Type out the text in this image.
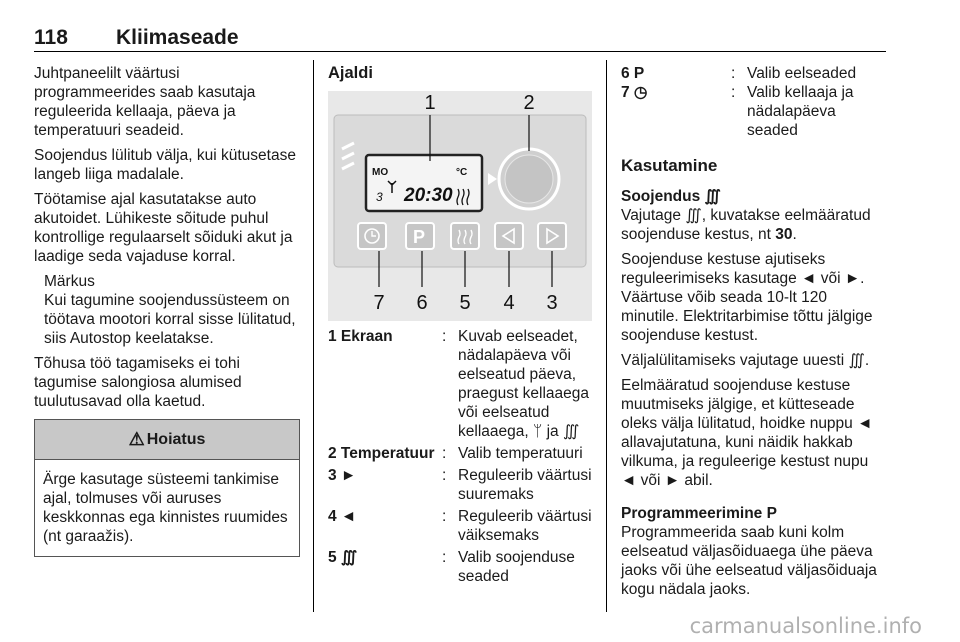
118 Kliimaseade

Juhtpaneelilt väärtusi programmeerides saab kasutaja reguleerida kellaaja, päeva ja temperatuuri seadeid.

Soojendus lülitub välja, kui kütusetase langeb liiga madalale.

Töötamise ajal kasutatakse auto akutoidet. Lühikeste sõitude puhul kontrollige regulaarselt sõiduki akut ja laadige seda vajaduse korral.

Märkus
Kui tagumine soojendussüsteem on töötava mootori korral sisse lülitatud, siis Autostop keelatakse.

Tõhusa töö tagamiseks ei tohi tagumise salongiosa alumised tuulutusavad olla kaetud.

⚠ Hoiatus
Ärge kasutage süsteemi tankimise ajal, tolmuses või auruses keskkonnas ega kinnistes ruumides (nt garaažis).
Ajaldi
MO	°C
3 20:30
P
1	2
7 6 5 4 3
1 Ekraan	: Kuvab eelseadet, nädalapäeva või eelseatud päeva, praegust kellaaega või eelseatud kellaaega, ᛘ ja ∭
2 Temperatuur : Valib temperatuuri
3 ►	: Reguleerib väärtusi suuremaks
4 ◄	: Reguleerib väärtusi väiksemaks
5 ∭	: Valib soojenduse seaded
6 P	: Valib eelseaded
7 ◷	: Valib kellaaja ja nädalapäeva seaded
Kasutamine
Soojendus ∭

Vajutage ∭, kuvatakse eelmääratud soojenduse kestus, nt 30.

Soojenduse kestuse ajutiseks reguleerimiseks kasutage ◄ või ►. Väärtuse võib seada 10-lt 120 minutile. Elektritarbimise tõttu jälgige soojenduse kestust.

Väljalülitamiseks vajutage uuesti ∭.

Eelmääratud soojenduse kestuse muutmiseks jälgige, et kütteseade oleks välja lülitatud, hoidke nuppu ◄ allavajutatuna, kuni näidik hakkab vilkuma, ja reguleerige kestust nupu ◄ või ► abil.

Programmeerimine P

Programmeerida saab kuni kolm eelseatud väljasõiduaega ühe päeva jaoks või ühe eelseatud väljasõiduaja kogu nädala jaoks.

carmanualsonline.info
